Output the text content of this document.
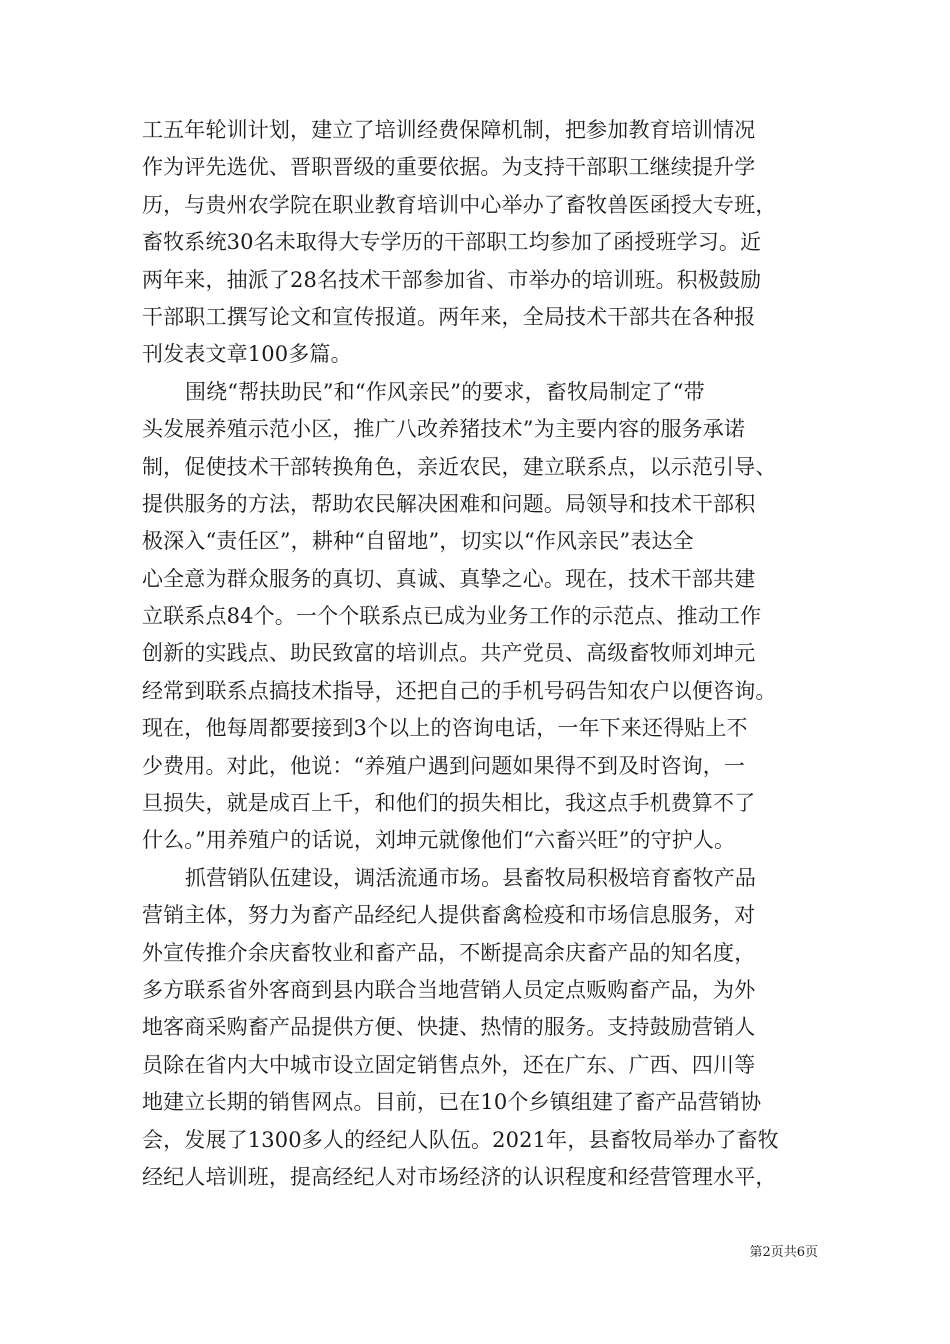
工五年轮训计划，建立了培训经费保障机制，把参加教育培训情况
作为评先选优、晋职晋级的重要依据。为支持干部职工继续提升学
历，与贵州农学院在职业教育培训中心举办了畜牧兽医函授大专班，
畜牧系统30名未取得大专学历的干部职工均参加了函授班学习。近
两年来，抽派了28名技术干部参加省、市举办的培训班。积极鼓励
干部职工撰写论文和宣传报道。两年来，全局技术干部共在各种报
刊发表文章100多篇。
围绕“帮扶助民”和“作风亲民”的要求，畜牧局制定了“带
头发展养殖示范小区，推广八改养猪技术”为主要内容的服务承诺
制，促使技术干部转换角色，亲近农民，建立联系点，以示范引导、
提供服务的方法，帮助农民解决困难和问题。局领导和技术干部积
极深入“责任区”，耕种“自留地”，切实以“作风亲民”表达全
心全意为群众服务的真切、真诚、真挚之心。现在，技术干部共建
立联系点84个。一个个联系点已成为业务工作的示范点、推动工作
创新的实践点、助民致富的培训点。共产党员、高级畜牧师刘坤元
经常到联系点搞技术指导，还把自己的手机号码告知农户以便咨询。
现在，他每周都要接到3个以上的咨询电话，一年下来还得贴上不
少费用。对此，他说：“养殖户遇到问题如果得不到及时咨询，一
旦损失，就是成百上千，和他们的损失相比，我这点手机费算不了
什么。”用养殖户的话说，刘坤元就像他们“六畜兴旺”的守护人。
抓营销队伍建设，调活流通市场。县畜牧局积极培育畜牧产品
营销主体，努力为畜产品经纪人提供畜禽检疫和市场信息服务，对
外宣传推介余庆畜牧业和畜产品，不断提高余庆畜产品的知名度，
多方联系省外客商到县内联合当地营销人员定点贩购畜产品，为外
地客商采购畜产品提供方便、快捷、热情的服务。支持鼓励营销人
员除在省内大中城市设立固定销售点外，还在广东、广西、四川等
地建立长期的销售网点。目前，已在10个乡镇组建了畜产品营销协
会，发展了1300多人的经纪人队伍。2021年，县畜牧局举办了畜牧
经纪人培训班，提高经纪人对市场经济的认识程度和经营管理水平，
第2页共6页
